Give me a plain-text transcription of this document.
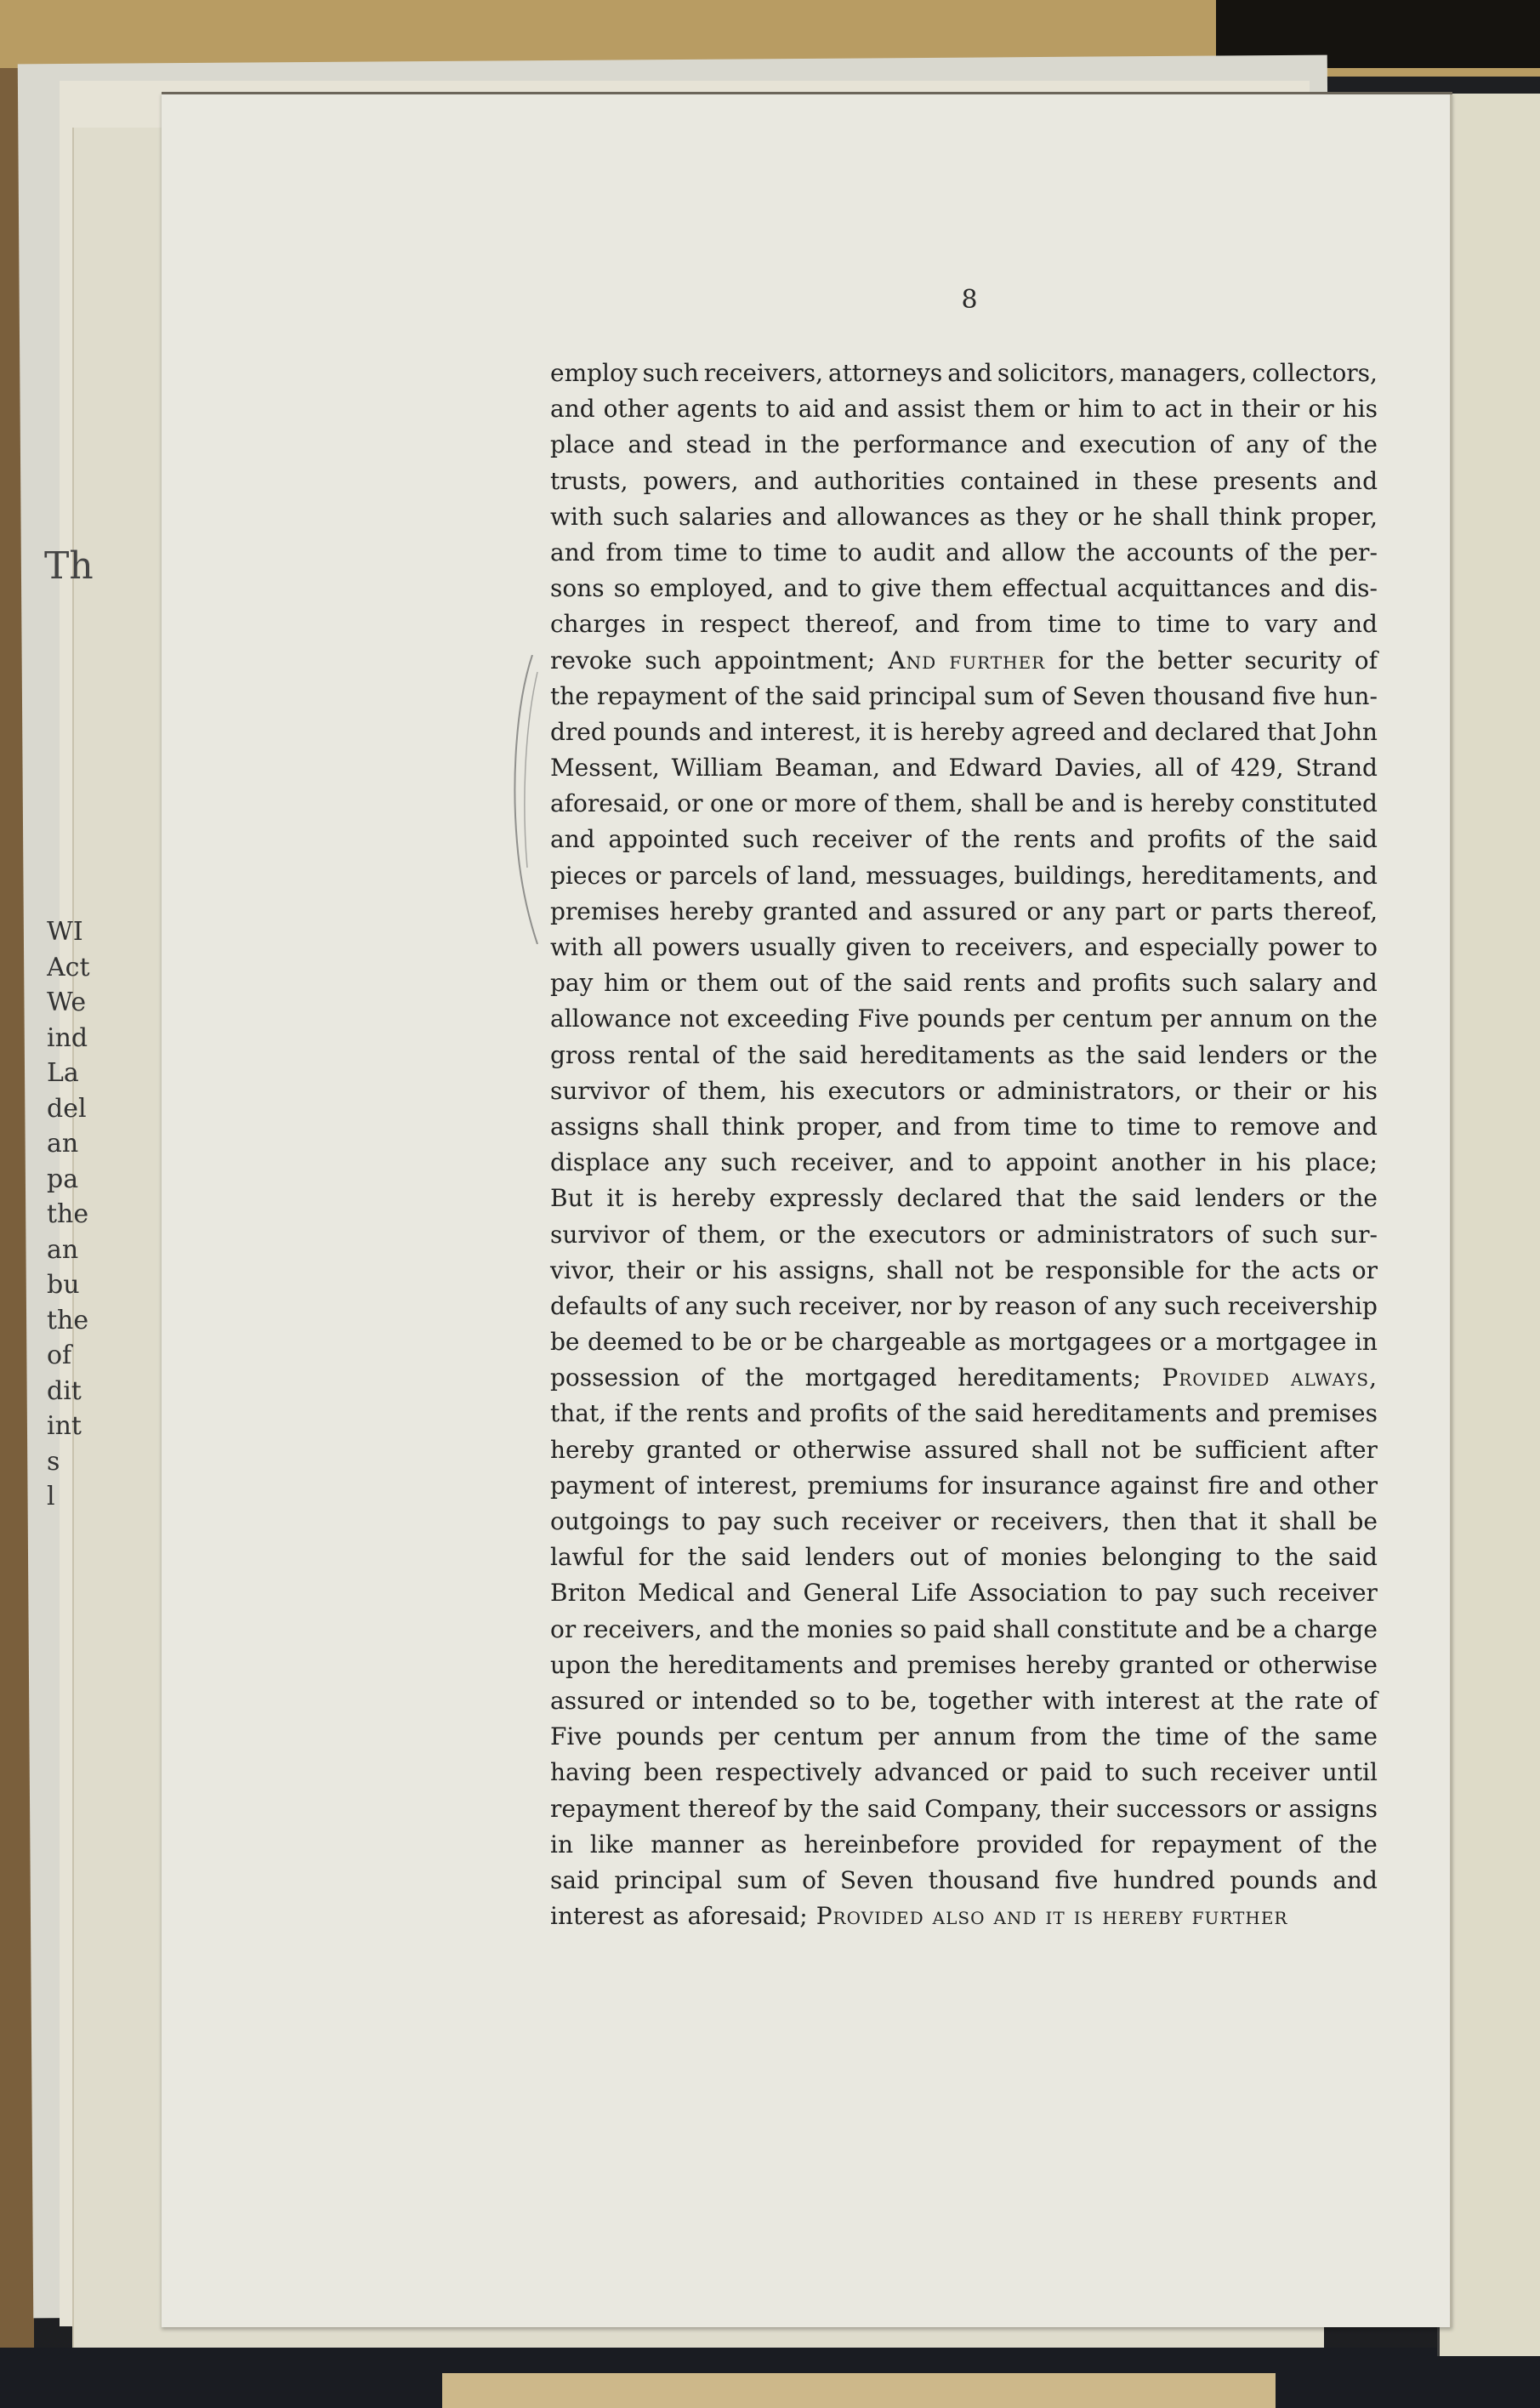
Th
WI
Act
We
ind
La
del
an
pa
the
an
bu
the
of
dit
int
s
l

8

employ such receivers, attorneys and solicitors, managers, collectors,
and other agents to aid and assist them or him to act in their or his
place and stead in the performance and execution of any of the
trusts, powers, and authorities contained in these presents and
with such salaries and allowances as they or he shall think proper,
and from time to time to audit and allow the accounts of the per-
sons so employed, and to give them effectual acquittances and dis-
charges in respect thereof, and from time to time to vary and
revoke such appointment; And further for the better security of
the repayment of the said principal sum of Seven thousand five hun-
dred pounds and interest, it is hereby agreed and declared that John
Messent, William Beaman, and Edward Davies, all of 429, Strand
aforesaid, or one or more of them, shall be and is hereby constituted
and appointed such receiver of the rents and profits of the said
pieces or parcels of land, messuages, buildings, hereditaments, and
premises hereby granted and assured or any part or parts thereof,
with all powers usually given to receivers, and especially power to
pay him or them out of the said rents and profits such salary and
allowance not exceeding Five pounds per centum per annum on the
gross rental of the said hereditaments as the said lenders or the
survivor of them, his executors or administrators, or their or his
assigns shall think proper, and from time to time to remove and
displace any such receiver, and to appoint another in his place;
But it is hereby expressly declared that the said lenders or the
survivor of them, or the executors or administrators of such sur-
vivor, their or his assigns, shall not be responsible for the acts or
defaults of any such receiver, nor by reason of any such receivership
be deemed to be or be chargeable as mortgagees or a mortgagee in
possession of the mortgaged hereditaments; Provided always,
that, if the rents and profits of the said hereditaments and premises
hereby granted or otherwise assured shall not be sufficient after
payment of interest, premiums for insurance against fire and other
outgoings to pay such receiver or receivers, then that it shall be
lawful for the said lenders out of monies belonging to the said
Briton Medical and General Life Association to pay such receiver
or receivers, and the monies so paid shall constitute and be a charge
upon the hereditaments and premises hereby granted or otherwise
assured or intended so to be, together with interest at the rate of
Five pounds per centum per annum from the time of the same
having been respectively advanced or paid to such receiver until
repayment thereof by the said Company, their successors or assigns
in like manner as hereinbefore provided for repayment of the
said principal sum of Seven thousand five hundred pounds and
interest as aforesaid; Provided also and it is hereby further
